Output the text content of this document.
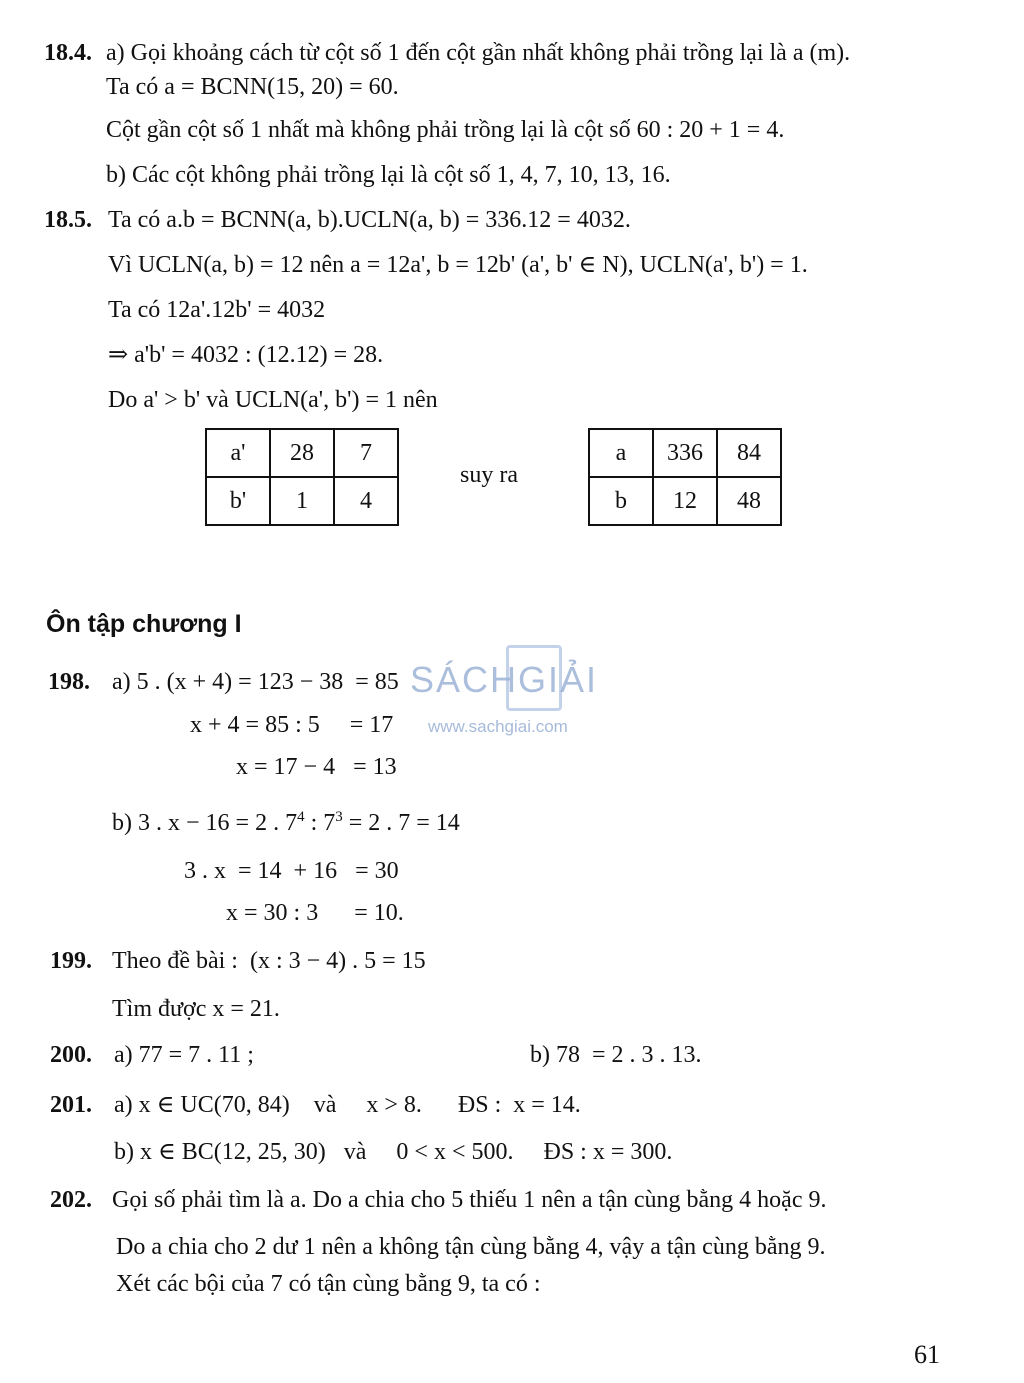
18.4. a) Gọi khoảng cách từ cột số 1 đến cột gần nhất không phải trồng lại là a (m).
Ta có a = BCNN(15, 20) = 60.
Cột gần cột số 1 nhất mà không phải trồng lại là cột số 60 : 20 + 1 = 4.
b) Các cột không phải trồng lại là cột số 1, 4, 7, 10, 13, 16.
18.5. Ta có a.b = BCNN(a, b).UCLN(a, b) = 336.12 = 4032.
Vì UCLN(a, b) = 12 nên a = 12a', b = 12b' (a', b' ∈ N), UCLN(a', b') = 1.
Ta có 12a'.12b' = 4032
⇒ a'b' = 4032 : (12.12) = 28.
Do a' > b' và UCLN(a', b') = 1 nên
a'	28	7
b'	1	4
suy ra
a	336	84
b	12	48
Ôn tập chương I
SÁCHGIẢI
www.sachgiai.com
198. a) 5 . (x + 4) = 123 − 38  = 85
x + 4 = 85 : 5     = 17
x = 17 − 4   = 13
b) 3 . x − 16 = 2 . $7^4$ : $7^3 = 2$ . 7 = 14
3 . x  = 14  + 16   = 30
x = 30 : 3      = 10.
199. Theo đề bài :  (x : 3 − 4) . 5 = 15
Tìm được x = 21.
200. a) 77 = 7 . 11 ;	b) 78  = 2 . 3 . 13.
201. a) x ∈ UC(70, 84)    và     x > 8.      ĐS :  x = 14.
b) x ∈ BC(12, 25, 30)   và     0 < x < 500.     ĐS : x = 300.
202. Gọi số phải tìm là a. Do a chia cho 5 thiếu 1 nên a tận cùng bằng 4 hoặc 9.
Do a chia cho 2 dư 1 nên a không tận cùng bằng 4, vậy a tận cùng bằng 9.
Xét các bội của 7 có tận cùng bằng 9, ta có :
61
